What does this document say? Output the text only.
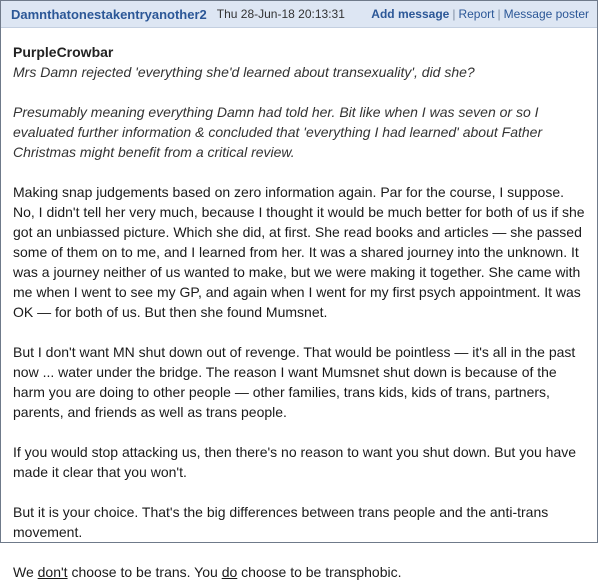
Damnthatonestakentryanother2 Thu 28-Jun-18 20:13:31 Add message | Report | Message poster
PurpleCrowbar

Mrs Damn rejected 'everything she'd learned about transexuality', did she?

Presumably meaning everything Damn had told her. Bit like when I was seven or so I evaluated further information & concluded that 'everything I had learned' about Father Christmas might benefit from a critical review.

Making snap judgements based on zero information again. Par for the course, I suppose. No, I didn't tell her very much, because I thought it would be much better for both of us if she got an unbiassed picture. Which she did, at first. She read books and articles — she passed some of them on to me, and I learned from her. It was a shared journey into the unknown. It was a journey neither of us wanted to make, but we were making it together. She came with me when I went to see my GP, and again when I went for my first psych appointment. It was OK — for both of us. But then she found Mumsnet.

But I don't want MN shut down out of revenge. That would be pointless — it's all in the past now ... water under the bridge. The reason I want Mumsnet shut down is because of the harm you are doing to other people — other families, trans kids, kids of trans, partners, parents, and friends as well as trans people.

If you would stop attacking us, then there's no reason to want you shut down. But you have made it clear that you won't.

But it is your choice. That's the big differences between trans people and the anti-trans movement.

We don't choose to be trans. You do choose to be transphobic.
